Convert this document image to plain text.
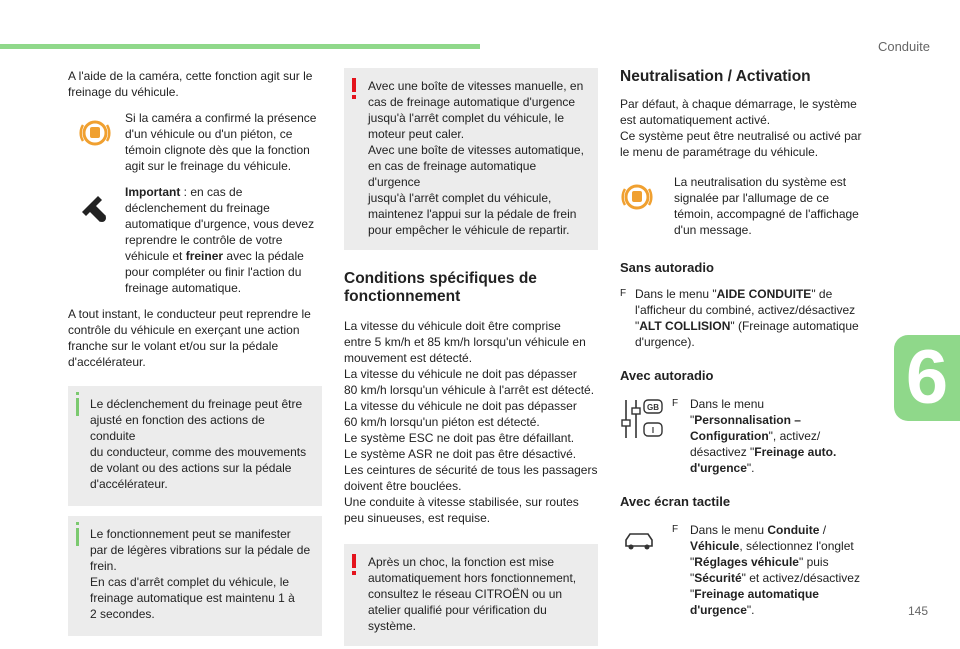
Conduite
6
145

A l'aide de la caméra, cette fonction agit sur le
freinage du véhicule.

Si la caméra a confirmé la présence
d'un véhicule ou d'un piéton, ce
témoin clignote dès que la fonction
agit sur le freinage du véhicule.

Important : en cas de
déclenchement du freinage
automatique d'urgence, vous devez
reprendre le contrôle de votre
véhicule et freiner avec la pédale
pour compléter ou finir l'action du
freinage automatique.

A tout instant, le conducteur peut reprendre le
contrôle du véhicule en exerçant une action
franche sur le volant et/ou sur la pédale
d'accélérateur.

Le déclenchement du freinage peut être
ajusté en fonction des actions de conduite
du conducteur, comme des mouvements
de volant ou des actions sur la pédale
d'accélérateur.

Le fonctionnement peut se manifester
par de légères vibrations sur la pédale de
frein.
En cas d'arrêt complet du véhicule, le
freinage automatique est maintenu 1 à
2 secondes.

Avec une boîte de vitesses manuelle, en
cas de freinage automatique d'urgence
jusqu'à l'arrêt complet du véhicule, le
moteur peut caler.
Avec une boîte de vitesses automatique,
en cas de freinage automatique d'urgence
jusqu'à l'arrêt complet du véhicule,
maintenez l'appui sur la pédale de frein
pour empêcher le véhicule de repartir.

Conditions spécifiques de
fonctionnement

La vitesse du véhicule doit être comprise
entre 5 km/h et 85 km/h lorsqu'un véhicule en
mouvement est détecté.
La vitesse du véhicule ne doit pas dépasser
80 km/h lorsqu'un véhicule à l'arrêt est détecté.
La vitesse du véhicule ne doit pas dépasser
60 km/h lorsqu'un piéton est détecté.
Le système ESC ne doit pas être défaillant.
Le système ASR ne doit pas être désactivé.
Les ceintures de sécurité de tous les passagers
doivent être bouclées.
Une conduite à vitesse stabilisée, sur routes
peu sinueuses, est requise.

Après un choc, la fonction est mise
automatiquement hors fonctionnement,
consultez le réseau CITROËN ou un
atelier qualifié pour vérification du
système.

Neutralisation / Activation

Par défaut, à chaque démarrage, le système
est automatiquement activé.
Ce système peut être neutralisé ou activé par
le menu de paramétrage du véhicule.

La neutralisation du système est
signalée par l'allumage de ce
témoin, accompagné de l'affichage
d'un message.

Sans autoradio
F Dans le menu "AIDE CONDUITE" de
l'afficheur du combiné, activez/désactivez
"ALT COLLISION" (Freinage automatique
d'urgence).

Avec autoradio
GB
I
F Dans le menu
"Personnalisation –
Configuration", activez/
désactivez "Freinage auto.
d'urgence".

Avec écran tactile
F Dans le menu Conduite /
Véhicule, sélectionnez l'onglet
"Réglages véhicule" puis
"Sécurité" et activez/désactivez
"Freinage automatique
d'urgence".
